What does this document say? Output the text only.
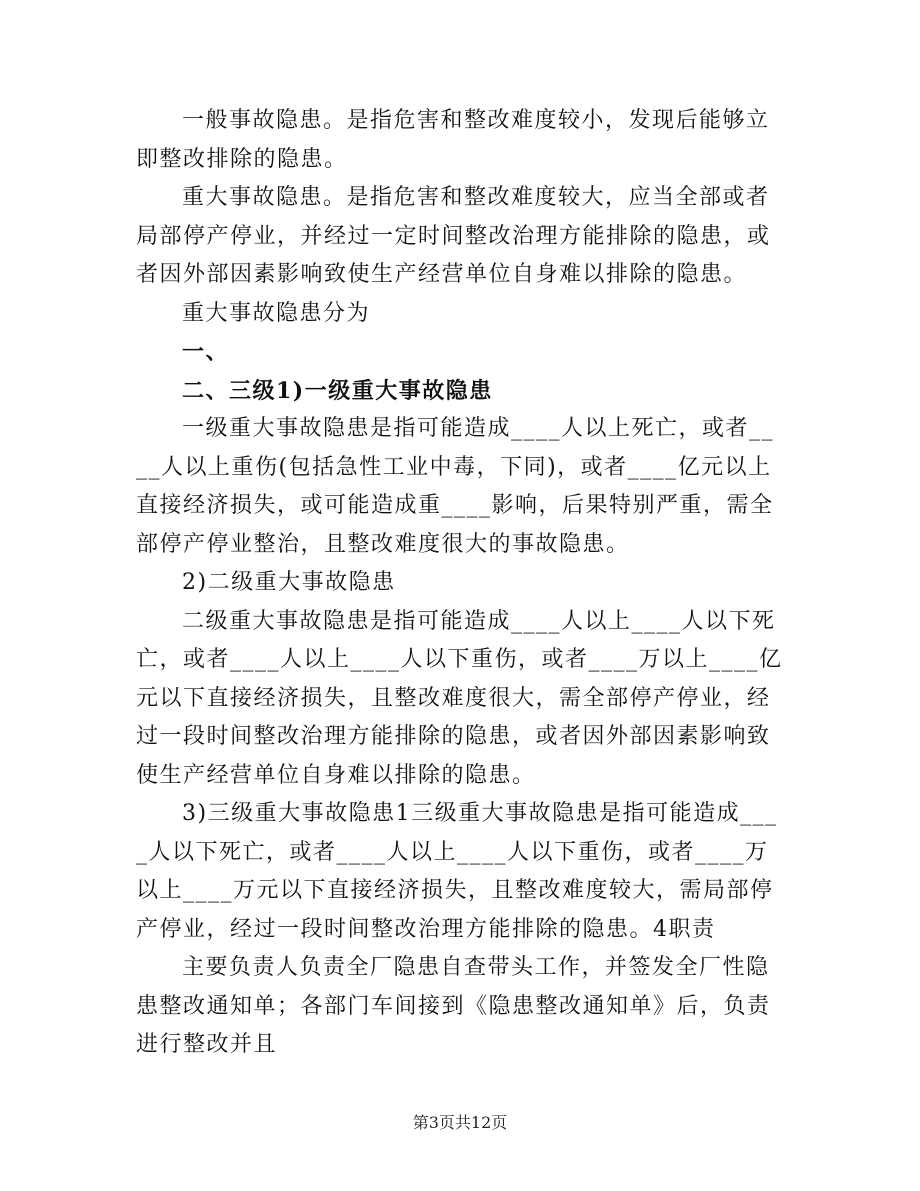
一般事故隐患。是指危害和整改难度较小，发现后能够立即整改排除的隐患。

重大事故隐患。是指危害和整改难度较大，应当全部或者局部停产停业，并经过一定时间整改治理方能排除的隐患，或者因外部因素影响致使生产经营单位自身难以排除的隐患。

重大事故隐患分为

一、

二、三级1)一级重大事故隐患

一级重大事故隐患是指可能造成____人以上死亡，或者____人以上重伤(包括急性工业中毒，下同)，或者____亿元以上直接经济损失，或可能造成重____影响，后果特别严重，需全部停产停业整治，且整改难度很大的事故隐患。

2)二级重大事故隐患

二级重大事故隐患是指可能造成____人以上____人以下死亡，或者____人以上____人以下重伤，或者____万以上____亿元以下直接经济损失，且整改难度很大，需全部停产停业，经过一段时间整改治理方能排除的隐患，或者因外部因素影响致使生产经营单位自身难以排除的隐患。

3)三级重大事故隐患1三级重大事故隐患是指可能造成____人以下死亡，或者____人以上____人以下重伤，或者____万以上____万元以下直接经济损失，且整改难度较大，需局部停产停业，经过一段时间整改治理方能排除的隐患。4职责

主要负责人负责全厂隐患自查带头工作，并签发全厂性隐患整改通知单；各部门车间接到《隐患整改通知单》后，负责进行整改并且

第3页共12页
